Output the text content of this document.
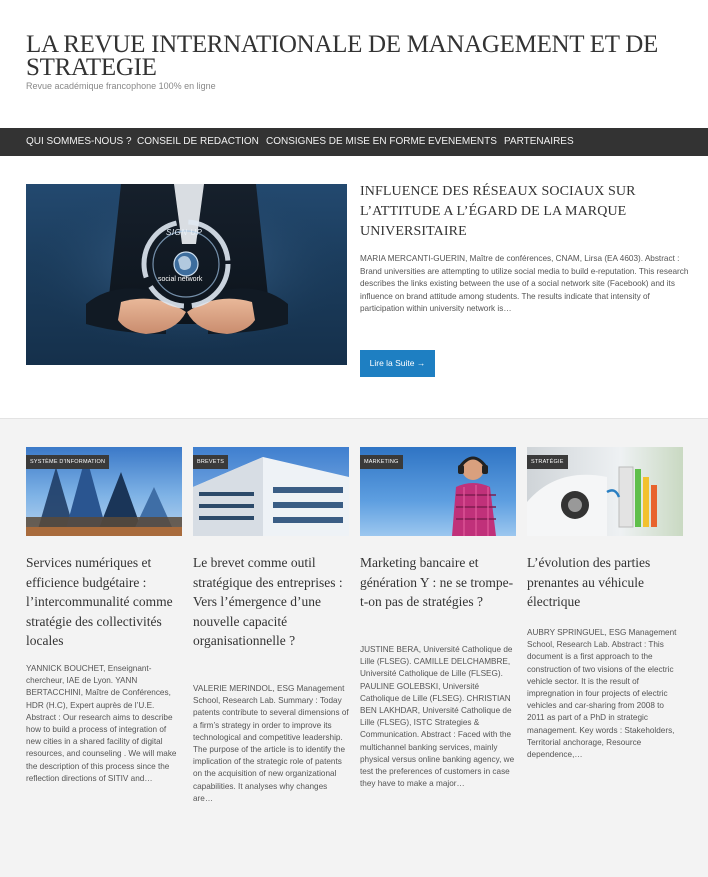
LA REVUE INTERNATIONALE DE MANAGEMENT ET DE STRATEGIE
Revue académique francophone 100% en ligne
QUI SOMMES-NOUS ? CONSEIL DE REDACTION CONSIGNES DE MISE EN FORME EVENEMENTS PARTENAIRES
SIGN UP
social network
INFLUENCE DES RÉSEAUX SOCIAUX SUR L’ATTITUDE A L’ÉGARD DE LA MARQUE UNIVERSITAIRE
MARIA MERCANTI-GUERIN, Maître de conférences, CNAM, Lirsa (EA 4603). Abstract : Brand universities are attempting to utilize social media to build e-reputation. This research describes the links existing between the use of a social network site (Facebook) and its influence on brand attitude among students. The results indicate that intensity of participation within university network is…
Lire la Suite →
SYSTÈME D'INFORMATION
Services numériques et efficience budgétaire : l’intercommunalité comme stratégie des collectivités locales
YANNICK BOUCHET, Enseignant-chercheur, IAE de Lyon. YANN BERTACCHINI, Maître de Conférences, HDR (H.C), Expert auprès de l’U.E. Abstract : Our research aims to describe how to build a process of integration of new cities in a shared facility of digital resources, and counseling . We will make the description of this process since the reflection directions of SITIV and…
BREVETS
Le brevet comme outil stratégique des entreprises : Vers l’émergence d’une nouvelle capacité organisationnelle ?
VALERIE MERINDOL, ESG Management School, Research Lab. Summary : Today patents contribute to several dimensions of a firm’s strategy in order to improve its technological and competitive leadership. The purpose of the article is to identify the implication of the strategic role of patents on the acquisition of new organizational capabilities. It analyses why changes are…
MARKETING
Marketing bancaire et génération Y : ne se trompe-t-on pas de stratégies ?
JUSTINE BERA, Université Catholique de Lille (FLSEG). CAMILLE DELCHAMBRE, Université Catholique de Lille (FLSEG). PAULINE GOLEBSKI, Université Catholique de Lille (FLSEG). CHRISTIAN BEN LAKHDAR, Université Catholique de Lille (FLSEG), ISTC Strategies & Communication. Abstract : Faced with the multichannel banking services, mainly physical versus online banking agency, we test the preferences of customers in case they have to make a major…
STRATÉGIE
L’évolution des parties prenantes au véhicule électrique
AUBRY SPRINGUEL, ESG Management School, Research Lab. Abstract : This document is a first approach to the construction of two visions of the electric vehicle sector. It is the result of impregnation in four projects of electric vehicles and car-sharing from 2008 to 2011 as part of a PhD in strategic management. Key words : Stakeholders, Territorial anchorage, Resource dependence,…
